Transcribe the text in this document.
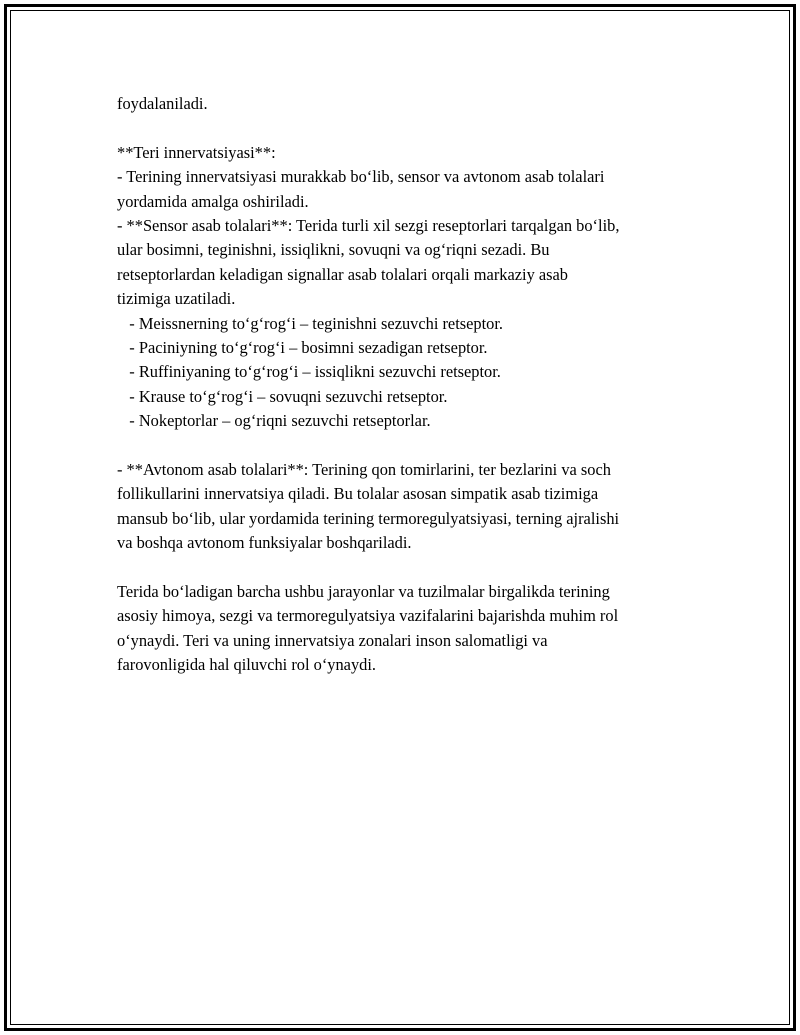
foydalaniladi.
**Teri innervatsiyasi**:
- Terining innervatsiyasi murakkab bo‘lib, sensor va avtonom asab tolalari
yordamida amalga oshiriladi.
- **Sensor asab tolalari**: Terida turli xil sezgi reseptorlari tarqalgan bo‘lib,
ular bosimni, teginishni, issiqlikni, sovuqni va og‘riqni sezadi. Bu
retseptorlardan keladigan signallar asab tolalari orqali markaziy asab
tizimiga uzatiladi.
- Meissnerning to‘g‘rog‘i – teginishni sezuvchi retseptor.
- Paciniyning to‘g‘rog‘i – bosimni sezadigan retseptor.
- Ruffiniyaning to‘g‘rog‘i – issiqlikni sezuvchi retseptor.
- Krause to‘g‘rog‘i – sovuqni sezuvchi retseptor.
- Nokeptorlar – og‘riqni sezuvchi retseptorlar.
- **Avtonom asab tolalari**: Terining qon tomirlarini, ter bezlarini va soch
follikullarini innervatsiya qiladi. Bu tolalar asosan simpatik asab tizimiga
mansub bo‘lib, ular yordamida terining termoregulyatsiyasi, terning ajralishi
va boshqa avtonom funksiyalar boshqariladi.
Terida bo‘ladigan barcha ushbu jarayonlar va tuzilmalar birgalikda terining
asosiy himoya, sezgi va termoregulyatsiya vazifalarini bajarishda muhim rol
o‘ynaydi. Teri va uning innervatsiya zonalari inson salomatligi va
farovonligida hal qiluvchi rol o‘ynaydi.
